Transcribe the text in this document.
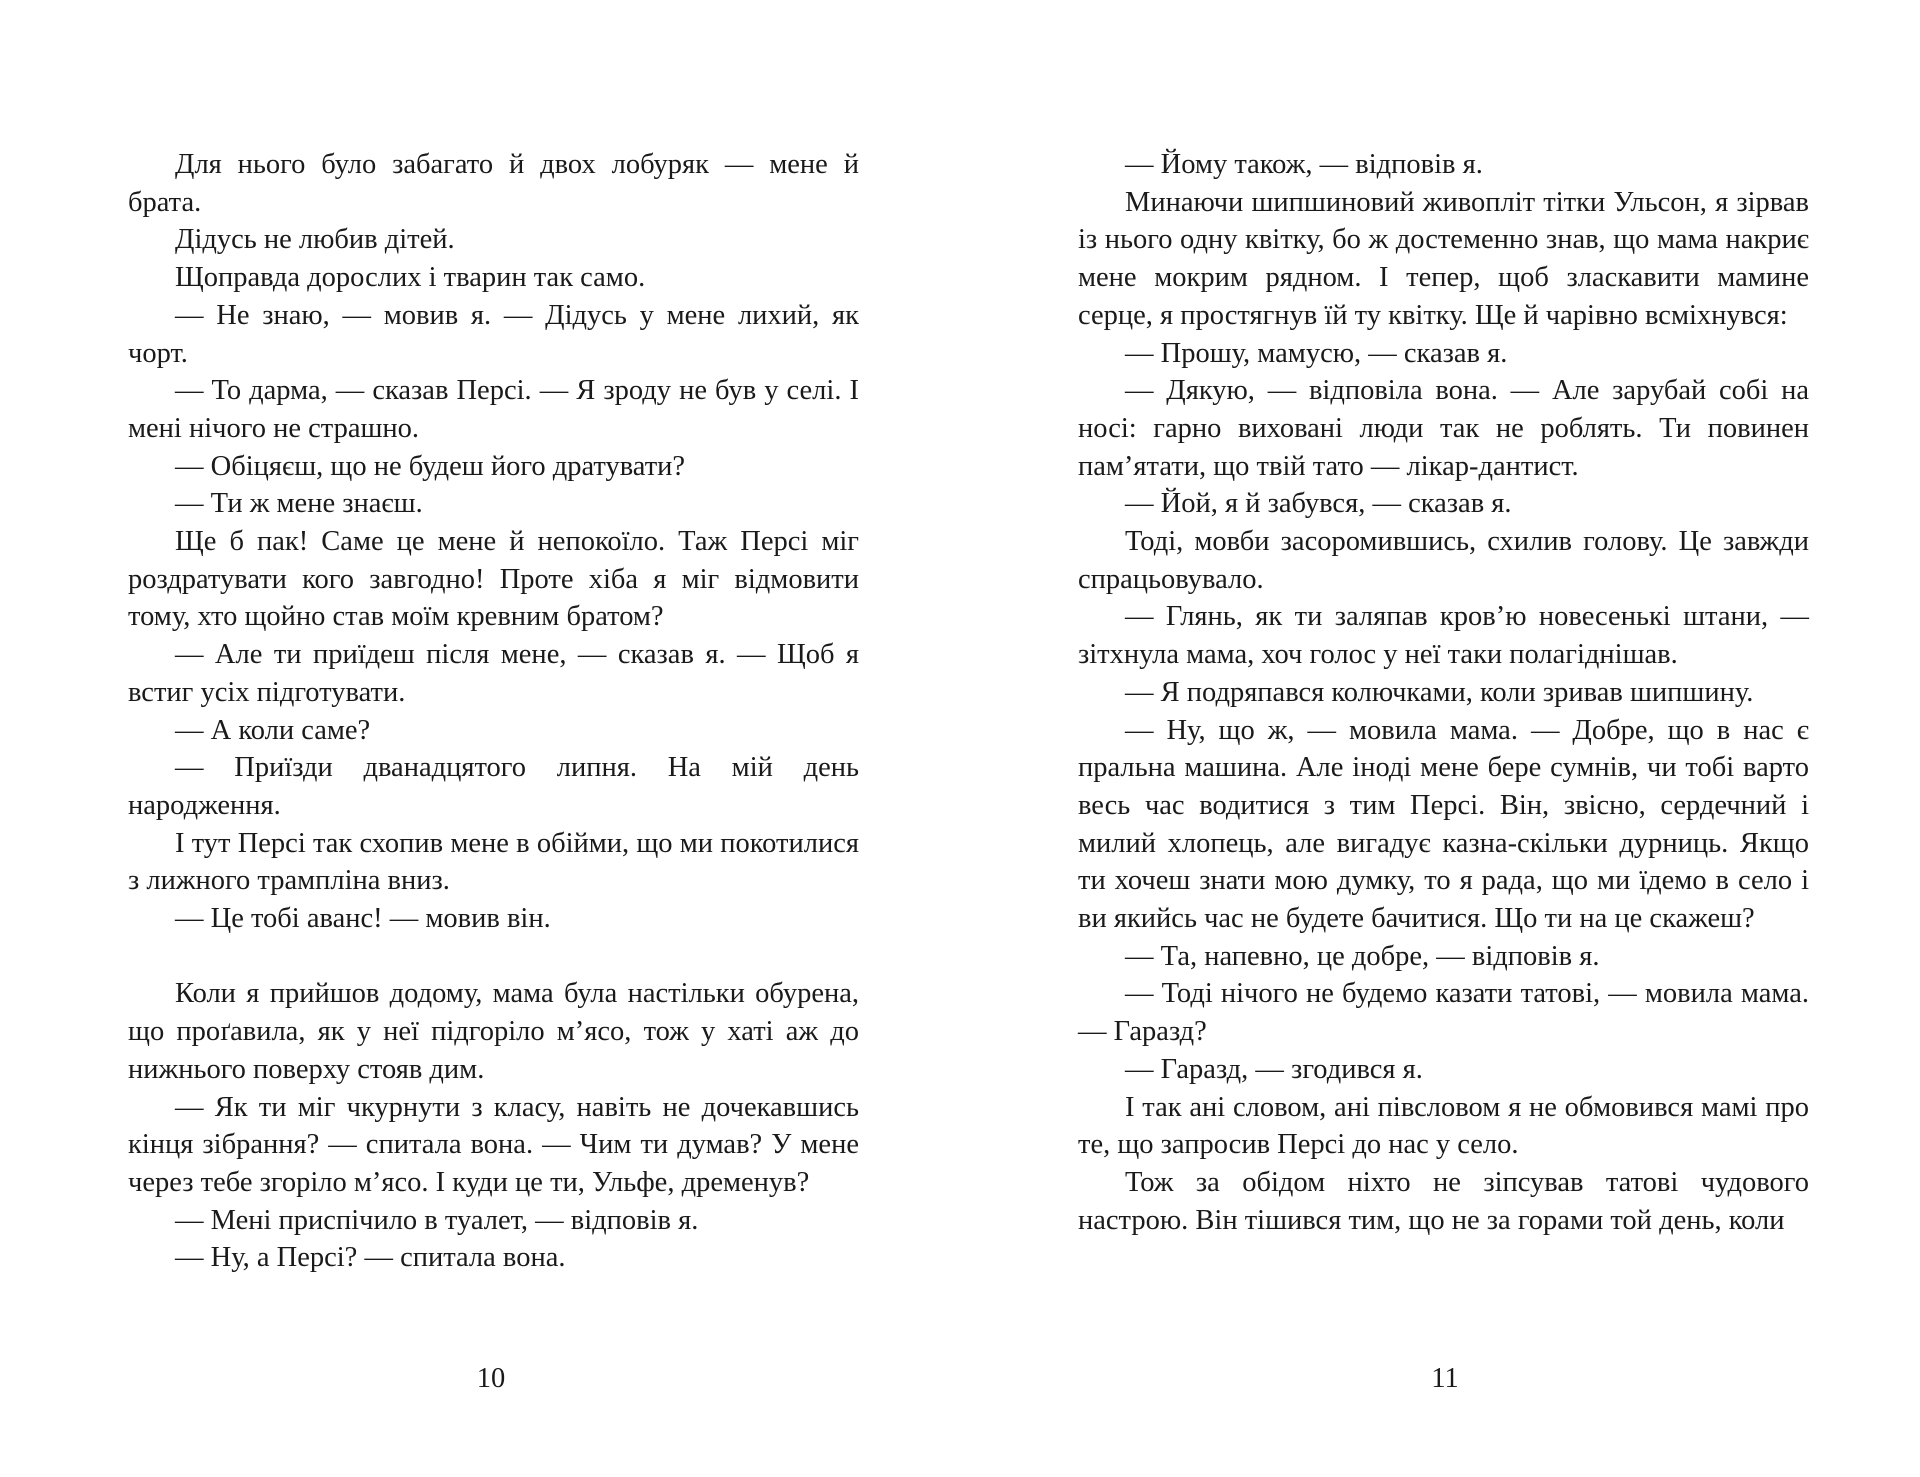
Для нього було забагато й двох лобуряк — мене й брата.

Дідусь не любив дітей.

Щоправда дорослих і тварин так само.

— Не знаю, — мовив я. — Дідусь у мене лихий, як чорт.

— То дарма, — сказав Персі. — Я зроду не був у селі. І мені нічого не страшно.

— Обіцяєш, що не будеш його дратувати?

— Ти ж мене знаєш.

Ще б пак! Саме це мене й непокоїло. Таж Персі міг роздратувати кого завгодно! Проте хіба я міг відмовити тому, хто щойно став моїм кревним братом?

— Але ти приїдеш після мене, — сказав я. — Щоб я встиг усіх підготувати.

— А коли саме?

— Приїзди дванадцятого липня. На мій день народження.

І тут Персі так схопив мене в обійми, що ми покотилися з лижного трампліна вниз.

— Це тобі аванс! — мовив він.

Коли я прийшов додому, мама була настільки обурена, що проґавила, як у неї підгоріло м’ясо, тож у хаті аж до нижнього поверху стояв дим.

— Як ти міг чкурнути з класу, навіть не дочекавшись кінця зібрання? — спитала вона. — Чим ти думав? У мене через тебе згоріло м’ясо. І куди це ти, Ульфе, дременув?

— Мені приспічило в туалет, — відповів я.

— Ну, а Персі? — спитала вона.

— Йому також, — відповів я.

Минаючи шипшиновий живопліт тітки Ульсон, я зірвав із нього одну квітку, бо ж достеменно знав, що мама накриє мене мокрим рядном. І тепер, щоб злаcкавити мамине серце, я простягнув їй ту квітку. Ще й чарівно всміхнувся:

— Прошу, мамусю, — сказав я.

— Дякую, — відповіла вона. — Але зарубай собі на носі: гарно виховані люди так не роблять. Ти повинен пам’ятати, що твій тато — лікар-дантист.

— Йой, я й забувся, — сказав я.

Тоді, мовби засоромившись, схилив голову. Це завжди спрацьовувало.

— Глянь, як ти заляпав кров’ю новесенькі штани, — зітхнула мама, хоч голос у неї таки полагіднішав.

— Я подряпався колючками, коли зривав шипшину.

— Ну, що ж, — мовила мама. — Добре, що в нас є пральна машина. Але іноді мене бере сумнів, чи тобі варто весь час водитися з тим Персі. Він, звісно, сердечний і милий хлопець, але вигадує казна-скільки дурниць. Якщо ти хочеш знати мою думку, то я рада, що ми їдемо в село і ви якийсь час не будете бачитися. Що ти на це скажеш?

— Та, напевно, це добре, — відповів я.

— Тоді нічого не будемо казати татові, — мовила мама. — Гаразд?

— Гаразд, — згодився я.

І так ані словом, ані півсловом я не обмовився мамі про те, що запросив Персі до нас у село.

Тож за обідом ніхто не зіпсував татові чудового настрою. Він тішився тим, що не за горами той день, коли

10	11
